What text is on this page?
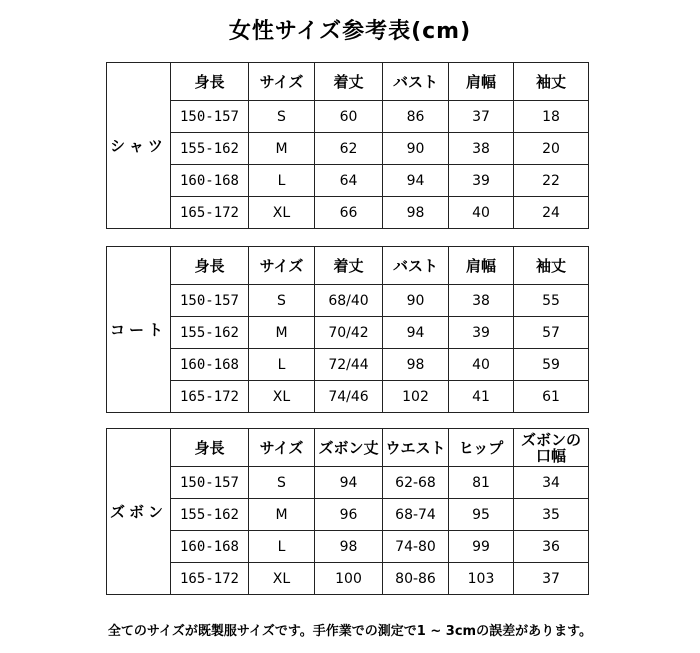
女性サイズ参考表(cm)
シャツ	身長	サイズ	着丈	バスト	肩幅	袖丈
	150-157	S	60	86	37	18
	155-162	M	62	90	38	20
	160-168	L	64	94	39	22
	165-172	XL	66	98	40	24
コート	身長	サイズ	着丈	バスト	肩幅	袖丈
	150-157	S	68/40	90	38	55
	155-162	M	70/42	94	39	57
	160-168	L	72/44	98	40	59
	165-172	XL	74/46	102	41	61
ズボン	身長	サイズ	ズボン丈	ウエスト	ヒップ	ズボンの口幅
	150-157	S	94	62-68	81	34
	155-162	M	96	68-74	95	35
	160-168	L	98	74-80	99	36
	165-172	XL	100	80-86	103	37
全てのサイズが既製服サイズです。手作業での測定で1 ~ 3cmの誤差があります。
